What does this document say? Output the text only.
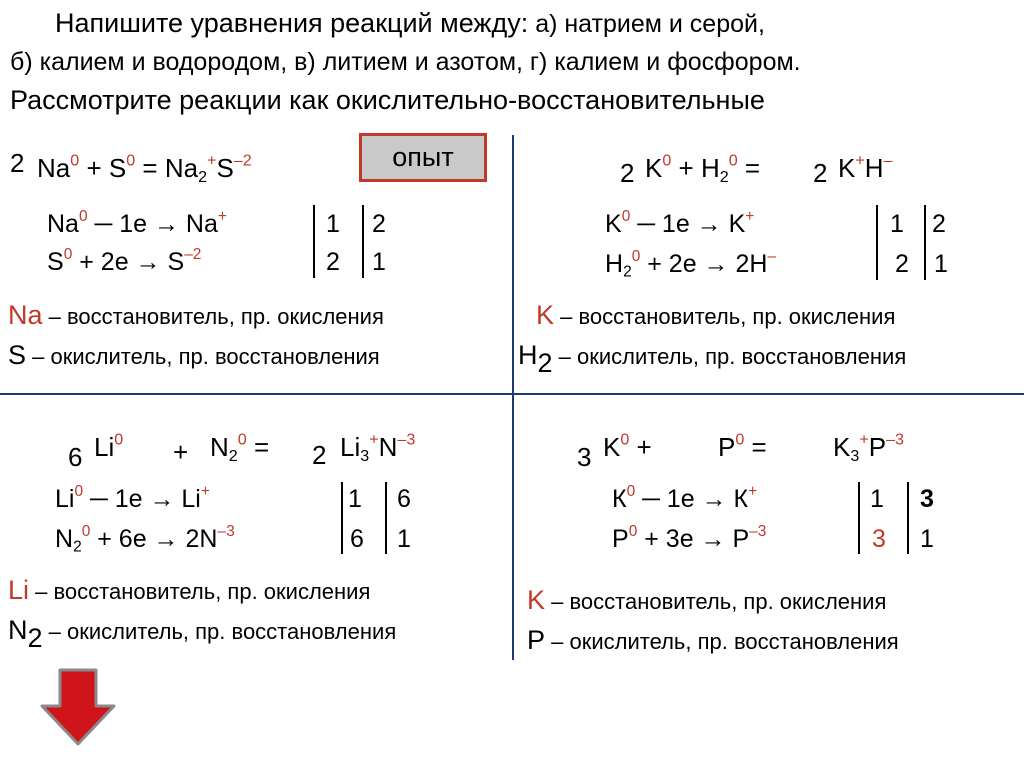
Напишите уравнения реакций между: а) натрием и серой,
б) калием и водородом, в) литием и азотом, г) калием и фосфором.
Рассмотрите реакции как окислительно-восстановительные
опыт
2 $Na^0 + S^0 = Na_2^+S^{-2}$
Na$^0$ ─ 1e → Na+
$S^0 + 2e \to S^{-2}$
1 2
2 1
Na – восстановитель, пр. окисления
S – окислитель, пр. восстановления
2 $K^0 + H_2^0 = 2$ K+H–
$K^0$ ─ 1e → K+
$H_2^0 + 2e \to 2H^-$
1 2
2 1
K – восстановитель, пр. окисления
$H_2$ – окислитель, пр. восстановления
6 $Li^0 + N_2^0 = 2$ $Li_3^+N^{-3}$
Li$^0$ ─ 1e → Li+
$N_2^0 + 6e \to 2N^{-3}$
1 6
6 1
Li – восстановитель, пр. окисления
$N_2$ – окислитель, пр. восстановления
3 $K^0$ +	$P^0$ =	$K_3^+P^{-3}$
$К^0$ ─ 1e → К+
$P^0 + 3e \to P^{-3}$
1 3
3 1
K – восстановитель, пр. окисления
P – окислитель, пр. восстановления
